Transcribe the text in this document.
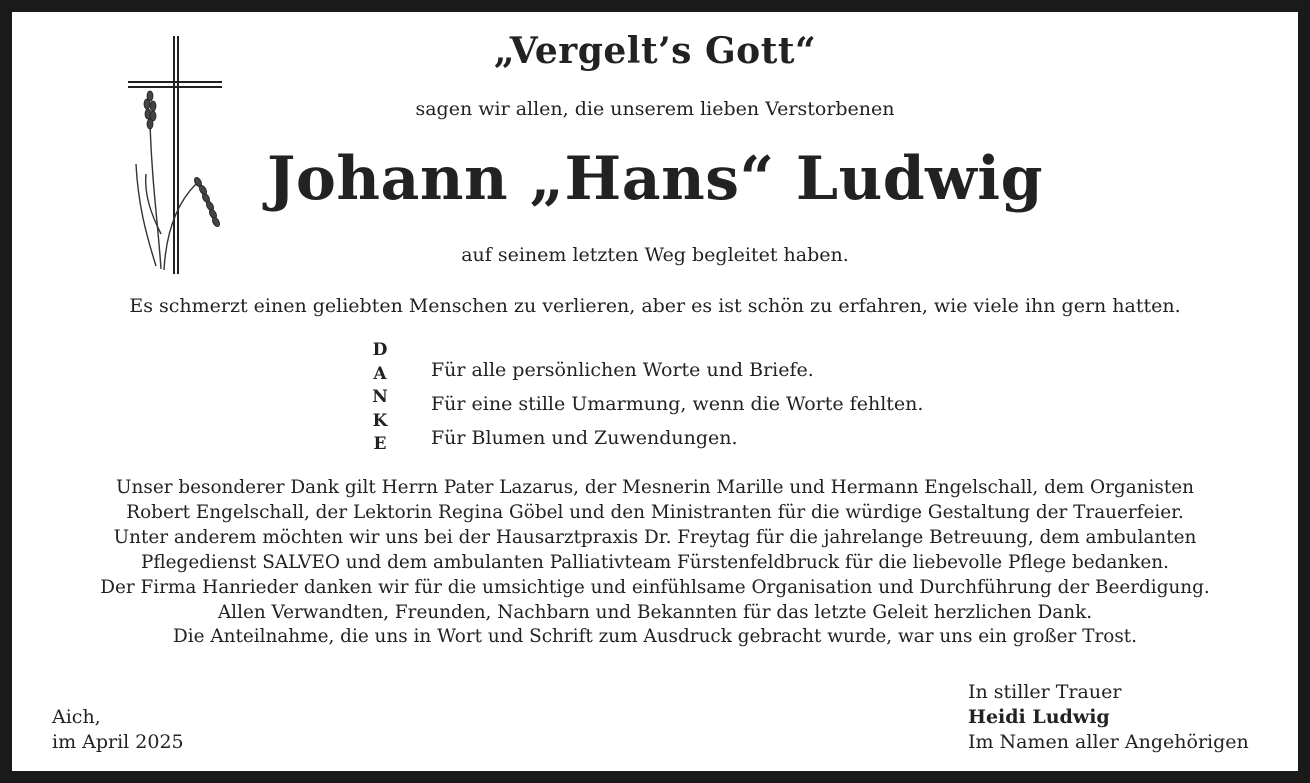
„Vergelt’s Gott“
sagen wir allen, die unserem lieben Verstorbenen
Johann „Hans“ Ludwig
auf seinem letzten Weg begleitet haben.
Es schmerzt einen geliebten Menschen zu verlieren, aber es ist schön zu erfahren, wie viele ihn gern hatten.
D
A
N
K
E
Für alle persönlichen Worte und Briefe.
Für eine stille Umarmung, wenn die Worte fehlten.
Für Blumen und Zuwendungen.
Unser besonderer Dank gilt Herrn Pater Lazarus, der Mesnerin Marille und Hermann Engelschall, dem Organisten
Robert Engelschall, der Lektorin Regina Göbel und den Ministranten für die würdige Gestaltung der Trauerfeier.
Unter anderem möchten wir uns bei der Hausarztpraxis Dr. Freytag für die jahrelange Betreuung, dem ambulanten
Pflegedienst SALVEO und dem ambulanten Palliativteam Fürstenfeldbruck für die liebevolle Pflege bedanken.
Der Firma Hanrieder danken wir für die umsichtige und einfühlsame Organisation und Durchführung der Beerdigung.
Allen Verwandten, Freunden, Nachbarn und Bekannten für das letzte Geleit herzlichen Dank.
Die Anteilnahme, die uns in Wort und Schrift zum Ausdruck gebracht wurde, war uns ein großer Trost.
Aich,
im April 2025
In stiller Trauer
Heidi Ludwig
Im Namen aller Angehörigen
